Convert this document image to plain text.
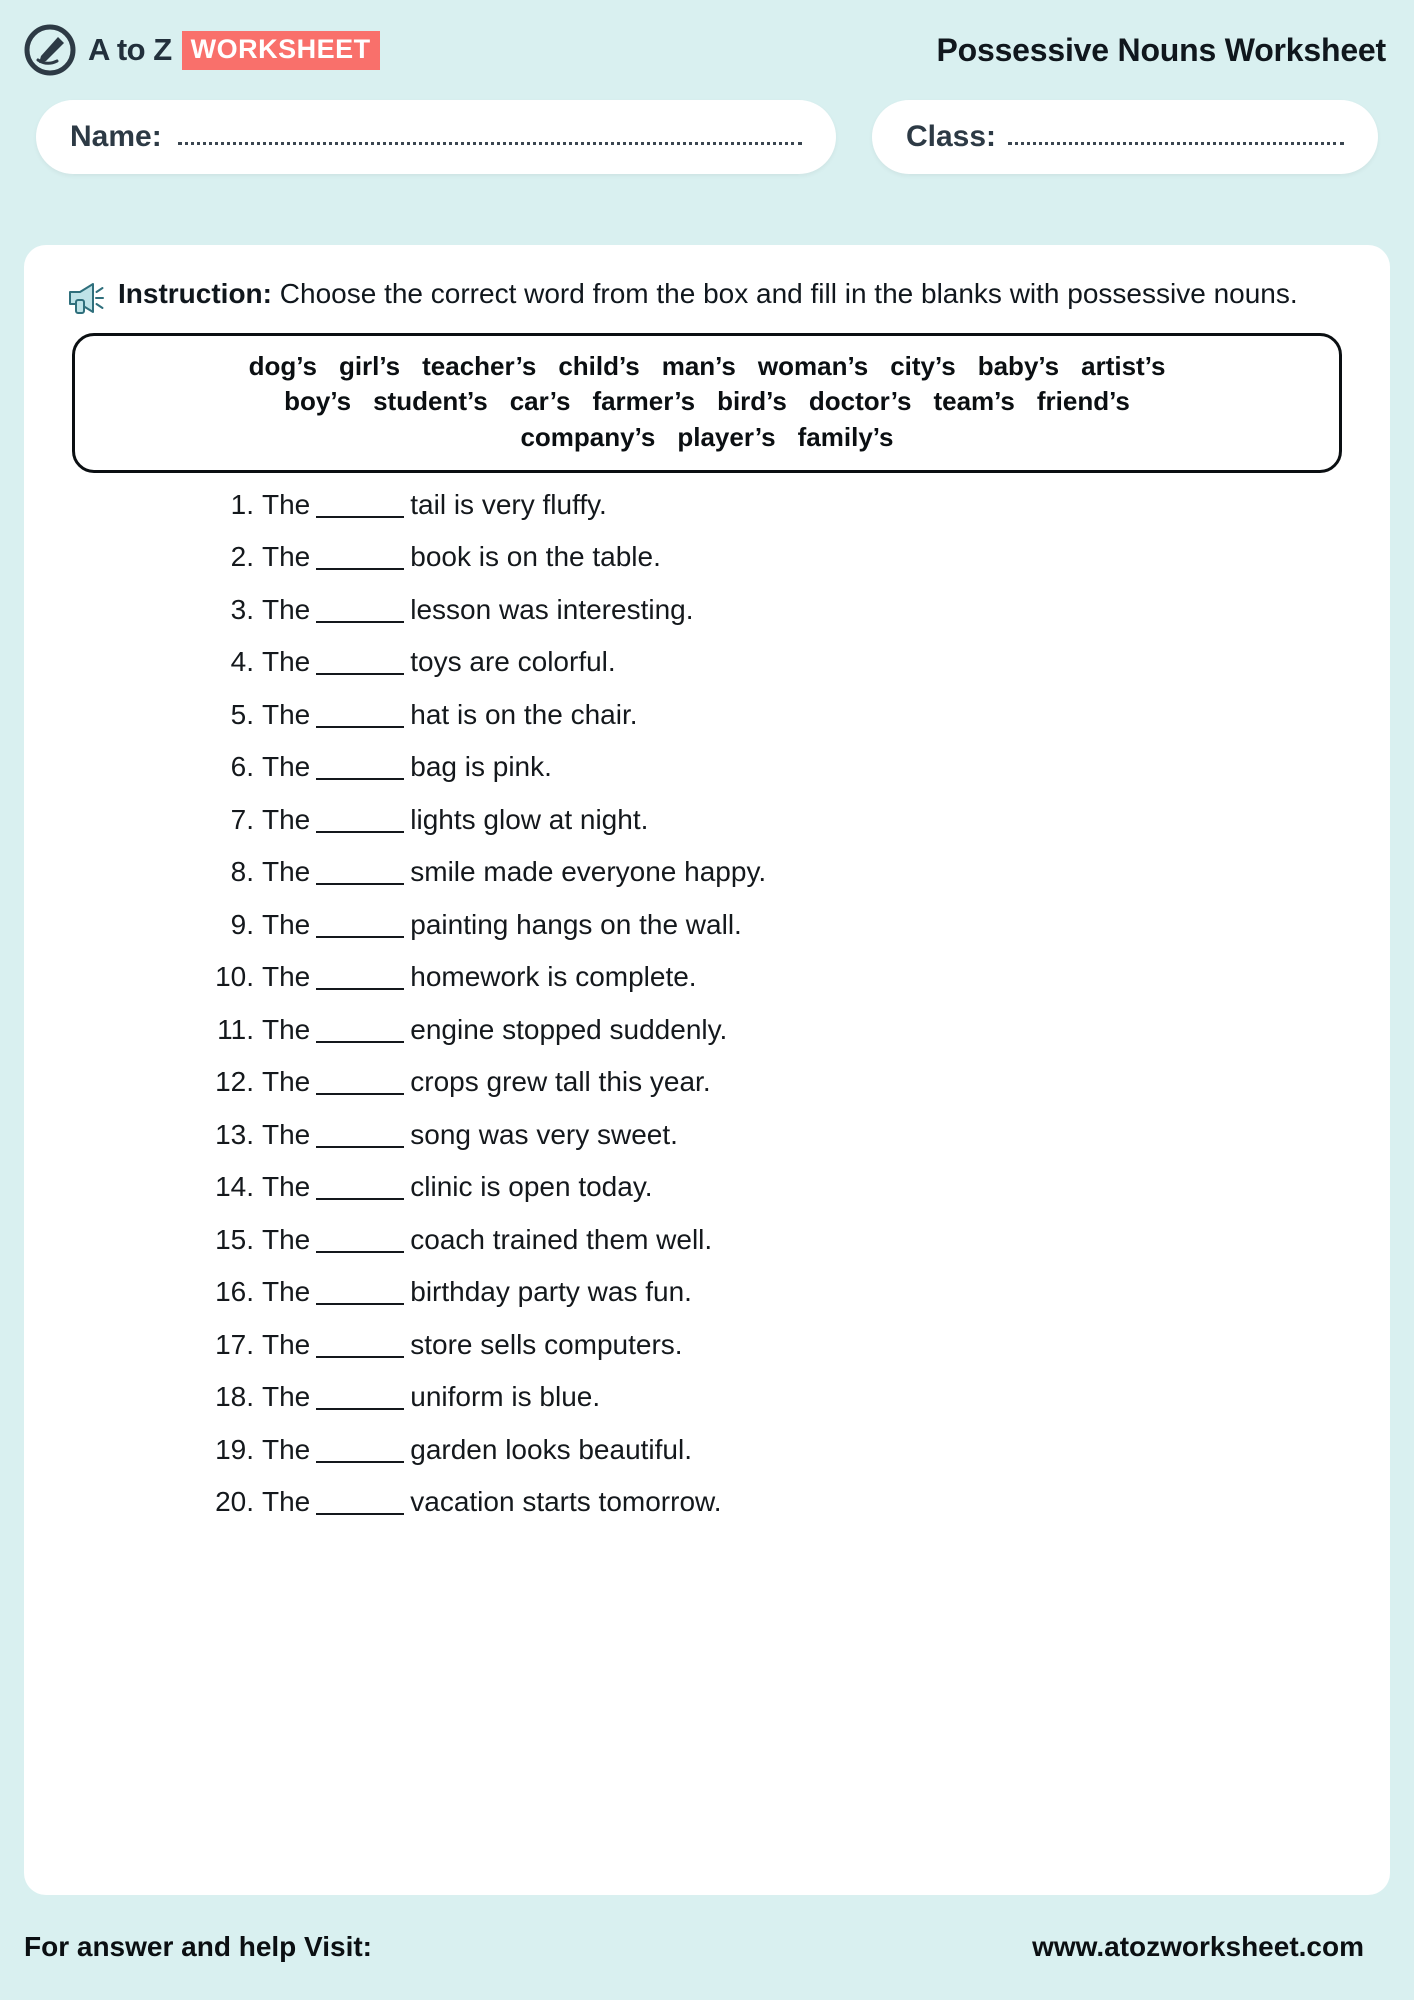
A to Z WORKSHEET	Possessive Nouns Worksheet
Name:	Class:
Instruction: Choose the correct word from the box and fill in the blanks with possessive nouns.
dog’s girl’s teacher’s child’s man’s woman’s city’s baby’s artist’s
boy’s student’s car’s farmer’s bird’s doctor’s team’s friend’s
company’s player’s family’s
1. The	tail is very fluffy.
2. The	book is on the table.
3. The	lesson was interesting.
4. The	toys are colorful.
5. The	hat is on the chair.
6. The	bag is pink.
7. The	lights glow at night.
8. The	smile made everyone happy.
9. The	painting hangs on the wall.
10. The	homework is complete.
11. The	engine stopped suddenly.
12. The	crops grew tall this year.
13. The	song was very sweet.
14. The	clinic is open today.
15. The	coach trained them well.
16. The	birthday party was fun.
17. The	store sells computers.
18. The	uniform is blue.
19. The	garden looks beautiful.
20. The	vacation starts tomorrow.
For answer and help Visit:	www.atozworksheet.com
